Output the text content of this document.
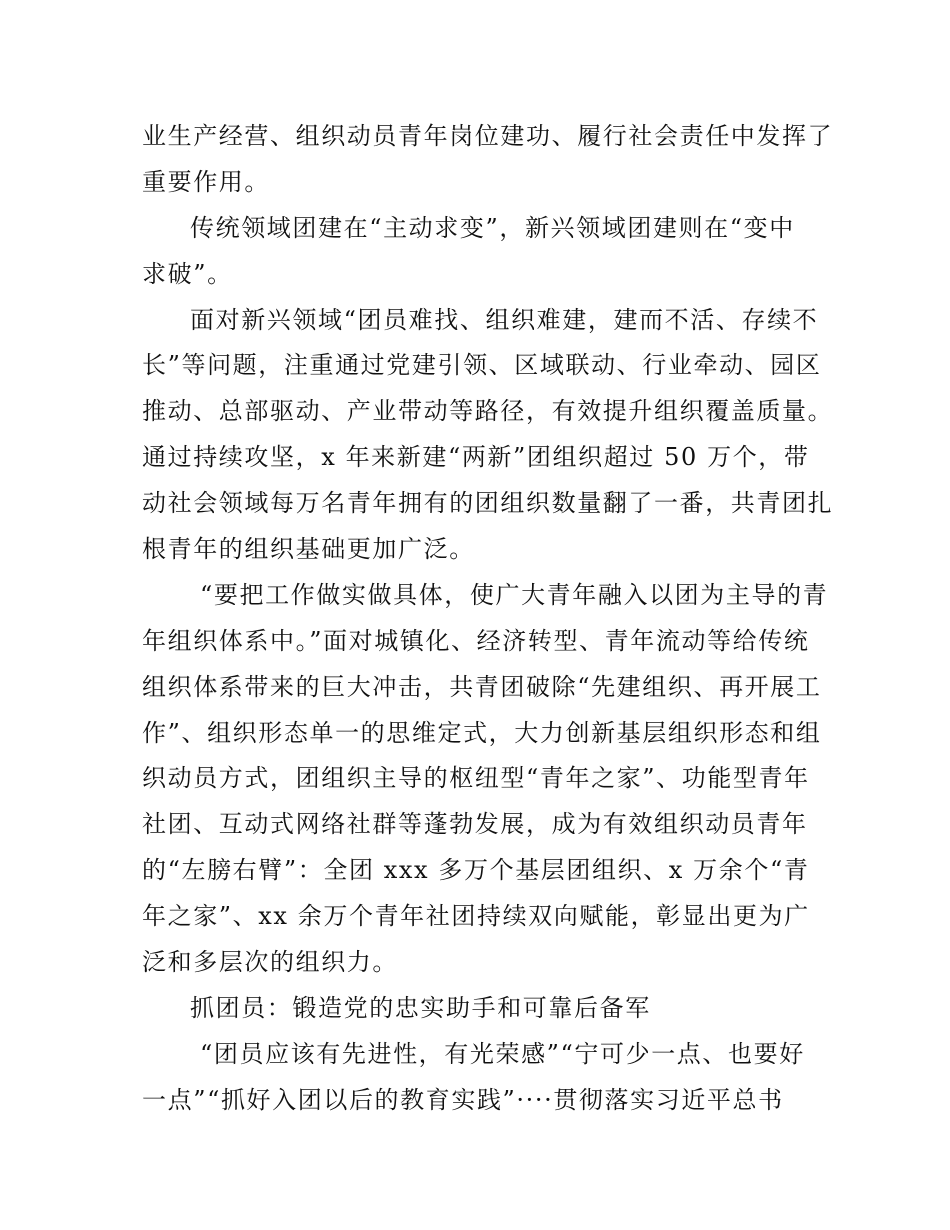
业生产经营、组织动员青年岗位建功、履行社会责任中发挥了
重要作用。
传统领域团建在“主动求变”，新兴领域团建则在“变中
求破”。
面对新兴领域“团员难找、组织难建，建而不活、存续不
长”等问题，注重通过党建引领、区域联动、行业牵动、园区
推动、总部驱动、产业带动等路径，有效提升组织覆盖质量。
通过持续攻坚，x 年来新建“两新”团组织超过 50 万个，带
动社会领域每万名青年拥有的团组织数量翻了一番，共青团扎
根青年的组织基础更加广泛。
“要把工作做实做具体，使广大青年融入以团为主导的青
年组织体系中。”面对城镇化、经济转型、青年流动等给传统
组织体系带来的巨大冲击，共青团破除“先建组织、再开展工
作”、组织形态单一的思维定式，大力创新基层组织形态和组
织动员方式，团组织主导的枢纽型“青年之家”、功能型青年
社团、互动式网络社群等蓬勃发展，成为有效组织动员青年
的“左膀右臂”：全团 xxx 多万个基层团组织、x 万余个“青
年之家”、xx 余万个青年社团持续双向赋能，彰显出更为广
泛和多层次的组织力。
抓团员：锻造党的忠实助手和可靠后备军
“团员应该有先进性，有光荣感”“宁可少一点、也要好
一点”“抓好入团以后的教育实践”····贯彻落实习近平总书
